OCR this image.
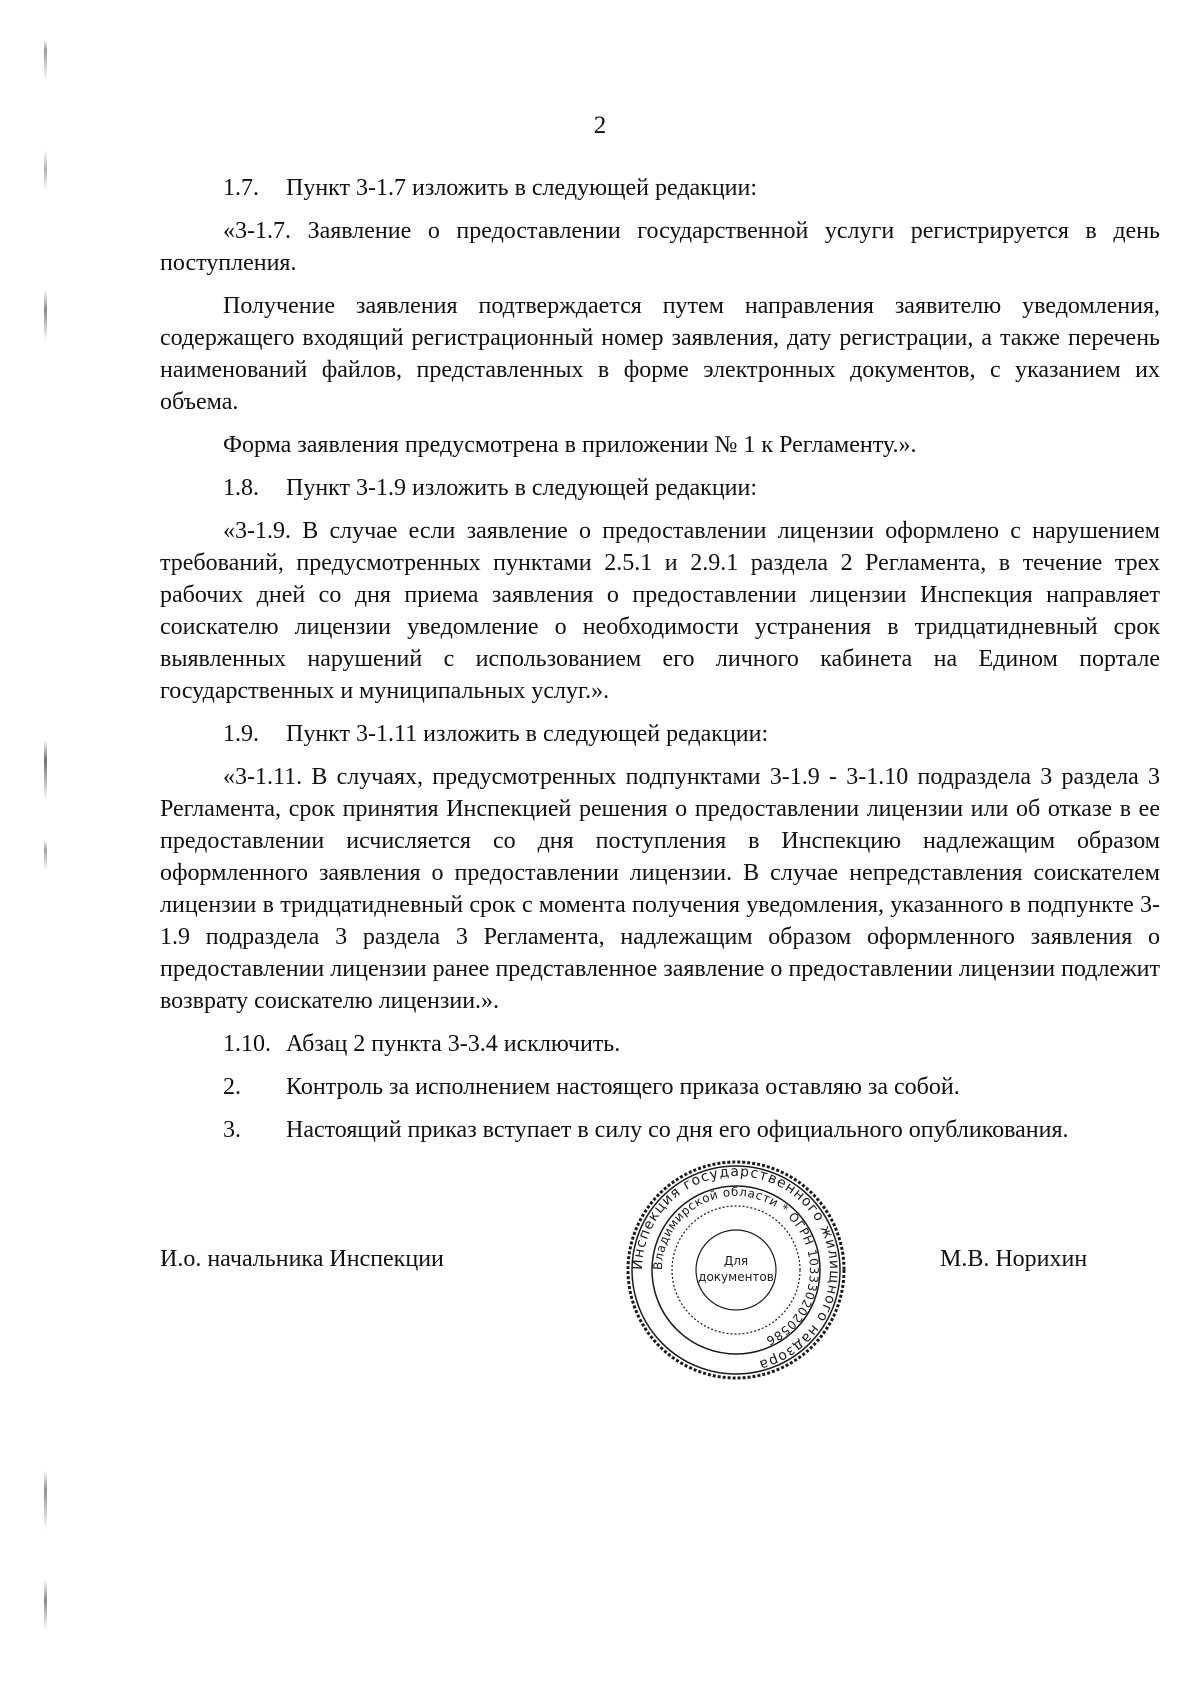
2
1.7. Пункт 3-1.7 изложить в следующей редакции:

«3-1.7. Заявление о предоставлении государственной услуги регистрируется в день поступления.

Получение заявления подтверждается путем направления заявителю уведомления, содержащего входящий регистрационный номер заявления, дату регистрации, а также перечень наименований файлов, представленных в форме электронных документов, с указанием их объема.

Форма заявления предусмотрена в приложении № 1 к Регламенту.».

1.8. Пункт 3-1.9 изложить в следующей редакции:

«3-1.9. В случае если заявление о предоставлении лицензии оформлено с нарушением требований, предусмотренных пунктами 2.5.1 и 2.9.1 раздела 2 Регламента, в течение трех рабочих дней со дня приема заявления о предоставлении лицензии Инспекция направляет соискателю лицензии уведомление о необходимости устранения в тридцатидневный срок выявленных нарушений с использованием его личного кабинета на Едином портале государственных и муниципальных услуг.».

1.9. Пункт 3-1.11 изложить в следующей редакции:

«3-1.11. В случаях, предусмотренных подпунктами 3-1.9 - 3-1.10 подраздела 3 раздела 3 Регламента, срок принятия Инспекцией решения о предоставлении лицензии или об отказе в ее предоставлении исчисляется со дня поступления в Инспекцию надлежащим образом оформленного заявления о предоставлении лицензии. В случае непредставления соискателем лицензии в тридцатидневный срок с момента получения уведомления, указанного в подпункте 3-1.9 подраздела 3 раздела 3 Регламента, надлежащим образом оформленного заявления о предоставлении лицензии ранее представленное заявление о предоставлении лицензии подлежит возврату соискателю лицензии.».

1.10. Абзац 2 пункта 3-3.4 исключить.
2. Контроль за исполнением настоящего приказа оставляю за собой.
3. Настоящий приказ вступает в силу со дня его официального опубликования.
И.о. начальника Инспекции	М.В. Норихин
Инспекция государственного жилищного надзора
Владимирской области * ОГРН 1033302020586
Для
документов
